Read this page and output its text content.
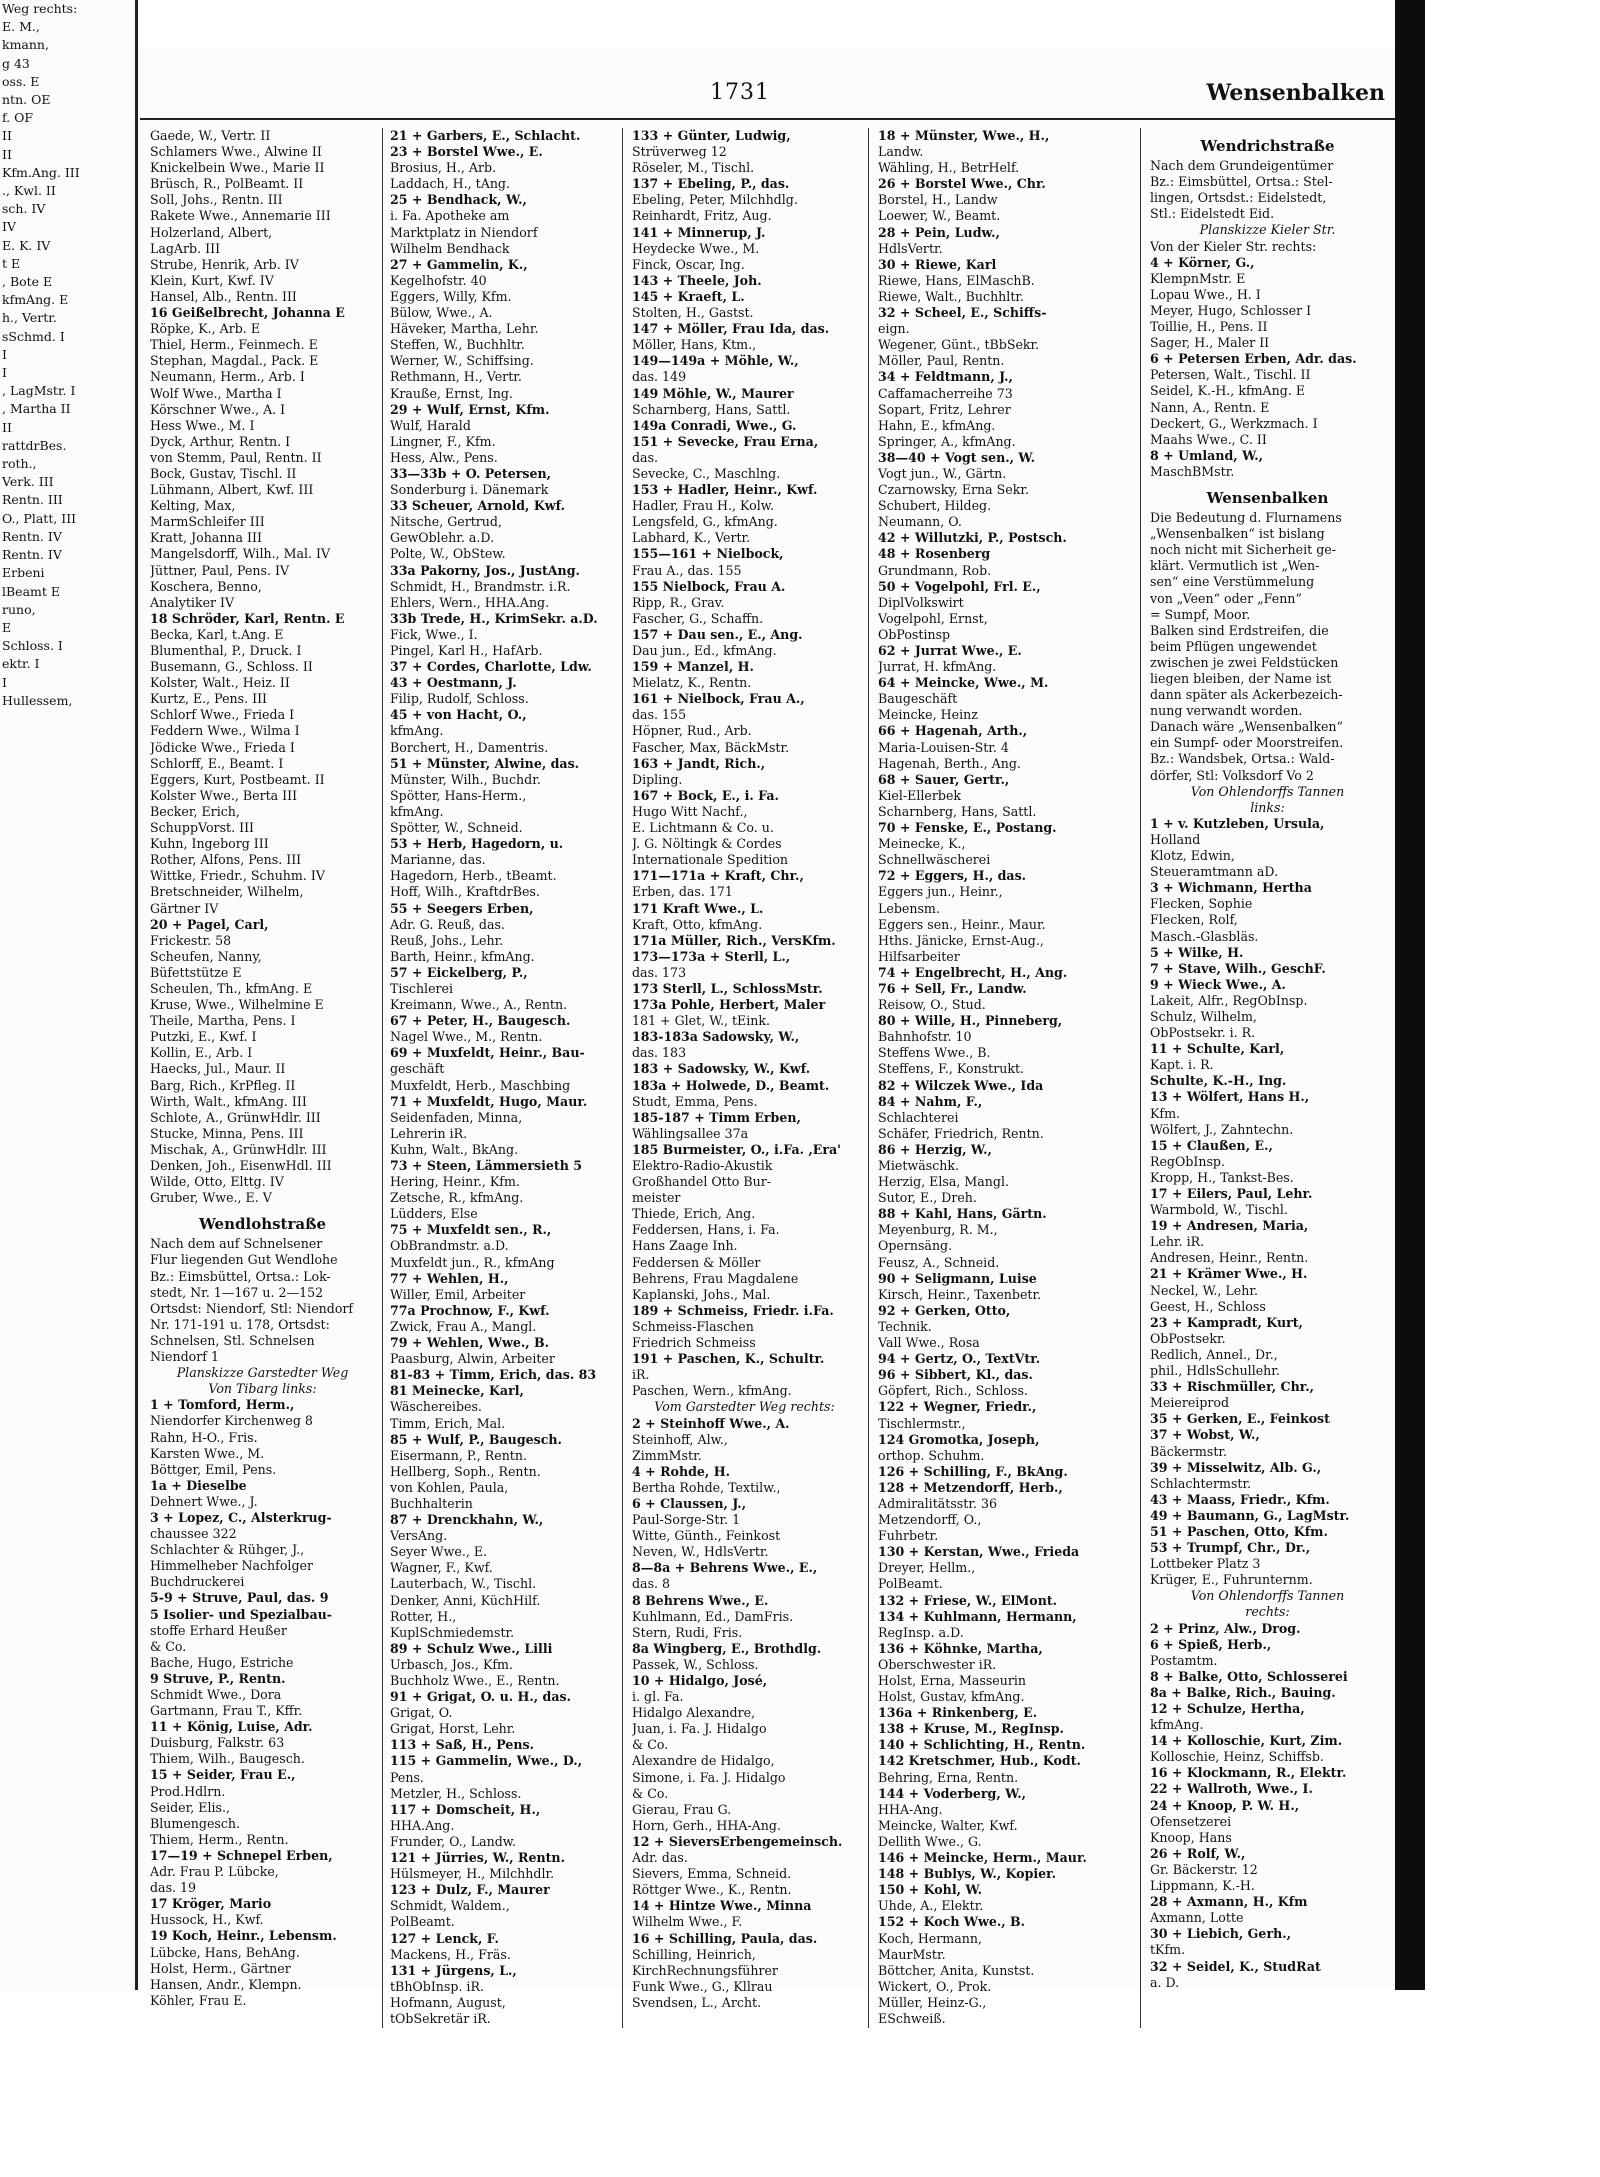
Weg rechts:
E. M.,
kmann,
g 43
oss. E
ntn. OE
f. OF
II
II
Kfm.Ang. III
., Kwl. II
sch. IV
IV
E. K. IV
t E
, Bote E
kfmAng. E
h., Vertr.
sSchmd. I
I
I
, LagMstr. I
, Martha II
II
rattdrBes.
roth.,
Verk. III
Rentn. III
O., Platt, III
Rentn. IV
Rentn. IV
Erbeni
lBeamt E
runo,
E
Schloss. I
ektr. I
I
Hullessem,
1731	Wensenbalken
Gaede, W., Vertr. II
Schlamers Wwe., Alwine II
Knickelbein Wwe., Marie II
Brüsch, R., PolBeamt. II
Soll, Johs., Rentn. III
Rakete Wwe., Annemarie III
Holzerland, Albert,
LagArb. III
Strube, Henrik, Arb. IV
Klein, Kurt, Kwf. IV
Hansel, Alb., Rentn. III
16 Geißelbrecht, Johanna E
Röpke, K., Arb. E
Thiel, Herm., Feinmech. E
Stephan, Magdal., Pack. E
Neumann, Herm., Arb. I
Wolf Wwe., Martha I
Körschner Wwe., A. I
Hess Wwe., M. I
Dyck, Arthur, Rentn. I
von Stemm, Paul, Rentn. II
Bock, Gustav, Tischl. II
Lühmann, Albert, Kwf. III
Kelting, Max,
MarmSchleifer III
Kratt, Johanna III
Mangelsdorff, Wilh., Mal. IV
Jüttner, Paul, Pens. IV
Koschera, Benno,
Analytiker IV
18 Schröder, Karl, Rentn. E
Becka, Karl, t.Ang. E
Blumenthal, P., Druck. I
Busemann, G., Schloss. II
Kolster, Walt., Heiz. II
Kurtz, E., Pens. III
Schlorf Wwe., Frieda I
Feddern Wwe., Wilma I
Jödicke Wwe., Frieda I
Schlorff, E., Beamt. I
Eggers, Kurt, Postbeamt. II
Kolster Wwe., Berta III
Becker, Erich,
SchuppVorst. III
Kuhn, Ingeborg III
Rother, Alfons, Pens. III
Wittke, Friedr., Schuhm. IV
Bretschneider, Wilhelm,
Gärtner IV
20 + Pagel, Carl,
Frickestr. 58
Scheufen, Nanny,
Büfettstütze E
Scheulen, Th., kfmAng. E
Kruse, Wwe., Wilhelmine E
Theile, Martha, Pens. I
Putzki, E., Kwf. I
Kollin, E., Arb. I
Haecks, Jul., Maur. II
Barg, Rich., KrPfleg. II
Wirth, Walt., kfmAng. III
Schlote, A., GrünwHdlr. III
Stucke, Minna, Pens. III
Mischak, A., GrünwHdlr. III
Denken, Joh., EisenwHdl. III
Wilde, Otto, Elttg. IV
Gruber, Wwe., E. V
Wendlohstraße
Nach dem auf Schnelsener
Flur liegenden Gut Wendlohe
Bz.: Eimsbüttel, Ortsa.: Lok-
stedt, Nr. 1—167 u. 2—152
Ortsdst: Niendorf, Stl: Niendorf
Nr. 171-191 u. 178, Ortsdst:
Schnelsen, Stl. Schnelsen
Niendorf 1
Planskizze Garstedter Weg
Von Tibarg links:
1 + Tomford, Herm.,
Niendorfer Kirchenweg 8
Rahn, H-O., Fris.
Karsten Wwe., M.
Böttger, Emil, Pens.
1a + Dieselbe
Dehnert Wwe., J.
3 + Lopez, C., Alsterkrug-
chaussee 322
Schlachter & Rühger, J.,
Himmelheber Nachfolger
Buchdruckerei
5-9 + Struve, Paul, das. 9
5 Isolier- und Spezialbau-
stoffe Erhard Heußer
& Co.
Bache, Hugo, Estriche
9 Struve, P., Rentn.
Schmidt Wwe., Dora
Gartmann, Frau T., Kffr.
11 + König, Luise, Adr.
Duisburg, Falkstr. 63
Thiem, Wilh., Baugesch.
15 + Seider, Frau E.,
Prod.Hdlrn.
Seider, Elis.,
Blumengesch.
Thiem, Herm., Rentn.
17—19 + Schnepel Erben,
Adr. Frau P. Lübcke,
das. 19
17 Kröger, Mario
Hussock, H., Kwf.
19 Koch, Heinr., Lebensm.
Lübcke, Hans, BehAng.
Holst, Herm., Gärtner
Hansen, Andr., Klempn.
Köhler, Frau E.
21 + Garbers, E., Schlacht.
23 + Borstel Wwe., E.
Brosius, H., Arb.
Laddach, H., tAng.
25 + Bendhack, W.,
i. Fa. Apotheke am
Marktplatz in Niendorf
Wilhelm Bendhack
27 + Gammelin, K.,
Kegelhofstr. 40
Eggers, Willy, Kfm.
Bülow, Wwe., A.
Häveker, Martha, Lehr.
Steffen, W., Buchhltr.
Werner, W., Schiffsing.
Rethmann, H., Vertr.
Krauße, Ernst, Ing.
29 + Wulf, Ernst, Kfm.
Wulf, Harald
Lingner, F., Kfm.
Hess, Alw., Pens.
33—33b + O. Petersen,
Sonderburg i. Dänemark
33 Scheuer, Arnold, Kwf.
Nitsche, Gertrud,
GewOblehr. a.D.
Polte, W., ObStew.
33a Pakorny, Jos., JustAng.
Schmidt, H., Brandmstr. i.R.
Ehlers, Wern., HHA.Ang.
33b Trede, H., KrimSekr. a.D.
Fick, Wwe., I.
Pingel, Karl H., HafArb.
37 + Cordes, Charlotte, Ldw.
43 + Oestmann, J.
Filip, Rudolf, Schloss.
45 + von Hacht, O.,
kfmAng.
Borchert, H., Damentris.
51 + Münster, Alwine, das.
Münster, Wilh., Buchdr.
Spötter, Hans-Herm.,
kfmAng.
Spötter, W., Schneid.
53 + Herb, Hagedorn, u.
Marianne, das.
Hagedorn, Herb., tBeamt.
Hoff, Wilh., KraftdrBes.
55 + Seegers Erben,
Adr. G. Reuß, das.
Reuß, Johs., Lehr.
Barth, Heinr., kfmAng.
57 + Eickelberg, P.,
Tischlerei
Kreimann, Wwe., A., Rentn.
67 + Peter, H., Baugesch.
Nagel Wwe., M., Rentn.
69 + Muxfeldt, Heinr., Bau-
geschäft
Muxfeldt, Herb., Maschbing
71 + Muxfeldt, Hugo, Maur.
Seidenfaden, Minna,
Lehrerin iR.
Kuhn, Walt., BkAng.
73 + Steen, Lämmersieth 5
Hering, Heinr., Kfm.
Zetsche, R., kfmAng.
Lüdders, Else
75 + Muxfeldt sen., R.,
ObBrandmstr. a.D.
Muxfeldt jun., R., kfmAng
77 + Wehlen, H.,
Willer, Emil, Arbeiter
77a Prochnow, F., Kwf.
Zwick, Frau A., Mangl.
79 + Wehlen, Wwe., B.
Paasburg, Alwin, Arbeiter
81-83 + Timm, Erich, das. 83
81 Meinecke, Karl,
Wäschereibes.
Timm, Erich, Mal.
85 + Wulf, P., Baugesch.
Eisermann, P., Rentn.
Hellberg, Soph., Rentn.
von Kohlen, Paula,
Buchhalterin
87 + Drenckhahn, W.,
VersAng.
Seyer Wwe., E.
Wagner, F., Kwf.
Lauterbach, W., Tischl.
Denker, Anni, KüchHilf.
Rotter, H.,
KuplSchmiedemstr.
89 + Schulz Wwe., Lilli
Urbasch, Jos., Kfm.
Buchholz Wwe., E., Rentn.
91 + Grigat, O. u. H., das.
Grigat, O.
Grigat, Horst, Lehr.
113 + Saß, H., Pens.
115 + Gammelin, Wwe., D.,
Pens.
Metzler, H., Schloss.
117 + Domscheit, H.,
HHA.Ang.
Frunder, O., Landw.
121 + Jürries, W., Rentn.
Hülsmeyer, H., Milchhdlr.
123 + Dulz, F., Maurer
Schmidt, Waldem.,
PolBeamt.
127 + Lenck, F.
Mackens, H., Fräs.
131 + Jürgens, L.,
tBhObInsp. iR.
Hofmann, August,
tObSekretär iR.
133 + Günter, Ludwig,
Strüverweg 12
Röseler, M., Tischl.
137 + Ebeling, P., das.
Ebeling, Peter, Milchhdlg.
Reinhardt, Fritz, Aug.
141 + Minnerup, J.
Heydecke Wwe., M.
Finck, Oscar, Ing.
143 + Theele, Joh.
145 + Kraeft, L.
Stolten, H., Gastst.
147 + Möller, Frau Ida, das.
Möller, Hans, Ktm.,
149—149a + Möhle, W.,
das. 149
149 Möhle, W., Maurer
Scharnberg, Hans, Sattl.
149a Conradi, Wwe., G.
151 + Sevecke, Frau Erna,
das.
Sevecke, C., Maschlng.
153 + Hadler, Heinr., Kwf.
Hadler, Frau H., Kolw.
Lengsfeld, G., kfmAng.
Labhard, K., Vertr.
155—161 + Nielbock,
Frau A., das. 155
155 Nielbock, Frau A.
Ripp, R., Grav.
Fascher, G., Schaffn.
157 + Dau sen., E., Ang.
Dau jun., Ed., kfmAng.
159 + Manzel, H.
Mielatz, K., Rentn.
161 + Nielbock, Frau A.,
das. 155
Höpner, Rud., Arb.
Fascher, Max, BäckMstr.
163 + Jandt, Rich.,
Dipling.
167 + Bock, E., i. Fa.
Hugo Witt Nachf.,
E. Lichtmann & Co. u.
J. G. Nöltingk & Cordes
Internationale Spedition
171—171a + Kraft, Chr.,
Erben, das. 171
171 Kraft Wwe., L.
Kraft, Otto, kfmAng.
171a Müller, Rich., VersKfm.
173—173a + Sterll, L.,
das. 173
173 Sterll, L., SchlossMstr.
173a Pohle, Herbert, Maler
181 + Glet, W., tEink.
183-183a Sadowsky, W.,
das. 183
183 + Sadowsky, W., Kwf.
183a + Holwede, D., Beamt.
Studt, Emma, Pens.
185-187 + Timm Erben,
Wählingsallee 37a
185 Burmeister, O., i.Fa. ,Era'
Elektro-Radio-Akustik
Großhandel Otto Bur-
meister
Thiede, Erich, Ang.
Feddersen, Hans, i. Fa.
Hans Zaage Inh.
Feddersen & Möller
Behrens, Frau Magdalene
Kaplanski, Johs., Mal.
189 + Schmeiss, Friedr. i.Fa.
Schmeiss-Flaschen
Friedrich Schmeiss
191 + Paschen, K., Schultr.
iR.
Paschen, Wern., kfmAng.
Vom Garstedter Weg rechts:
2 + Steinhoff Wwe., A.
Steinhoff, Alw.,
ZimmMstr.
4 + Rohde, H.
Bertha Rohde, Textilw.,
6 + Claussen, J.,
Paul-Sorge-Str. 1
Witte, Günth., Feinkost
Neven, W., HdlsVertr.
8—8a + Behrens Wwe., E.,
das. 8
8 Behrens Wwe., E.
Kuhlmann, Ed., DamFris.
Stern, Rudi, Fris.
8a Wingberg, E., Brothdlg.
Passek, W., Schloss.
10 + Hidalgo, José,
i. gl. Fa.
Hidalgo Alexandre,
Juan, i. Fa. J. Hidalgo
& Co.
Alexandre de Hidalgo,
Simone, i. Fa. J. Hidalgo
& Co.
Gierau, Frau G.
Horn, Gerh., HHA-Ang.
12 + SieversErbengemeinsch.
Adr. das.
Sievers, Emma, Schneid.
Röttger Wwe., K., Rentn.
14 + Hintze Wwe., Minna
Wilhelm Wwe., F.
16 + Schilling, Paula, das.
Schilling, Heinrich,
KirchRechnungsführer
Funk Wwe., G., Kllrau
Svendsen, L., Archt.
18 + Münster, Wwe., H.,
Landw.
Wähling, H., BetrHelf.
26 + Borstel Wwe., Chr.
Borstel, H., Landw
Loewer, W., Beamt.
28 + Pein, Ludw.,
HdlsVertr.
30 + Riewe, Karl
Riewe, Hans, ElMaschB.
Riewe, Walt., Buchhltr.
32 + Scheel, E., Schiffs-
eign.
Wegener, Günt., tBbSekr.
Möller, Paul, Rentn.
34 + Feldtmann, J.,
Caffamacherreihe 73
Sopart, Fritz, Lehrer
Hahn, E., kfmAng.
Springer, A., kfmAng.
38—40 + Vogt sen., W.
Vogt jun., W., Gärtn.
Czarnowsky, Erna Sekr.
Schubert, Hildeg.
Neumann, O.
42 + Willutzki, P., Postsch.
48 + Rosenberg
Grundmann, Rob.
50 + Vogelpohl, Frl. E.,
DiplVolkswirt
Vogelpohl, Ernst,
ObPostinsp
62 + Jurrat Wwe., E.
Jurrat, H. kfmAng.
64 + Meincke, Wwe., M.
Baugeschäft
Meincke, Heinz
66 + Hagenah, Arth.,
Maria-Louisen-Str. 4
Hagenah, Berth., Ang.
68 + Sauer, Gertr.,
Kiel-Ellerbek
Scharnberg, Hans, Sattl.
70 + Fenske, E., Postang.
Meinecke, K.,
Schnellwäscherei
72 + Eggers, H., das.
Eggers jun., Heinr.,
Lebensm.
Eggers sen., Heinr., Maur.
Hths. Jänicke, Ernst-Aug.,
Hilfsarbeiter
74 + Engelbrecht, H., Ang.
76 + Sell, Fr., Landw.
Reisow, O., Stud.
80 + Wille, H., Pinneberg,
Bahnhofstr. 10
Steffens Wwe., B.
Steffens, F., Konstrukt.
82 + Wilczek Wwe., Ida
84 + Nahm, F.,
Schlachterei
Schäfer, Friedrich, Rentn.
86 + Herzig, W.,
Mietwäschk.
Herzig, Elsa, Mangl.
Sutor, E., Dreh.
88 + Kahl, Hans, Gärtn.
Meyenburg, R. M.,
Opernsäng.
Feusz, A., Schneid.
90 + Seligmann, Luise
Kirsch, Heinr., Taxenbetr.
92 + Gerken, Otto,
Technik.
Vall Wwe., Rosa
94 + Gertz, O., TextVtr.
96 + Sibbert, Kl., das.
Göpfert, Rich., Schloss.
122 + Wegner, Friedr.,
Tischlermstr.,
124 Gromotka, Joseph,
orthop. Schuhm.
126 + Schilling, F., BkAng.
128 + Metzendorff, Herb.,
Admiralitätsstr. 36
Metzendorff, O.,
Fuhrbetr.
130 + Kerstan, Wwe., Frieda
Dreyer, Hellm.,
PolBeamt.
132 + Friese, W., ElMont.
134 + Kuhlmann, Hermann,
RegInsp. a.D.
136 + Köhnke, Martha,
Oberschwester iR.
Holst, Erna, Masseurin
Holst, Gustav, kfmAng.
136a + Rinkenberg, E.
138 + Kruse, M., RegInsp.
140 + Schlichting, H., Rentn.
142 Kretschmer, Hub., Kodt.
Behring, Erna, Rentn.
144 + Voderberg, W.,
HHA-Ang.
Meincke, Walter, Kwf.
Dellith Wwe., G.
146 + Meincke, Herm., Maur.
148 + Bublys, W., Kopier.
150 + Kohl, W.
Uhde, A., Elektr.
152 + Koch Wwe., B.
Koch, Hermann,
MaurMstr.
Böttcher, Anita, Kunstst.
Wickert, O., Prok.
Müller, Heinz-G.,
ESchweiß.
Wendrichstraße
Nach dem Grundeigentümer
Bz.: Eimsbüttel, Ortsa.: Stel-
lingen, Ortsdst.: Eidelstedt,
Stl.: Eidelstedt Eid.
Planskizze Kieler Str.
Von der Kieler Str. rechts:
4 + Körner, G.,
KlempnMstr. E
Lopau Wwe., H. I
Meyer, Hugo, Schlosser I
Toillie, H., Pens. II
Sager, H., Maler II
6 + Petersen Erben, Adr. das.
Petersen, Walt., Tischl. II
Seidel, K.-H., kfmAng. E
Nann, A., Rentn. E
Deckert, G., Werkzmach. I
Maahs Wwe., C. II
8 + Umland, W.,
MaschBMstr.
Wensenbalken
Die Bedeutung d. Flurnamens
„Wensenbalken“ ist bislang
noch nicht mit Sicherheit ge-
klärt. Vermutlich ist „Wen-
sen“ eine Verstümmelung
von „Veen“ oder „Fenn“
= Sumpf, Moor.
Balken sind Erdstreifen, die
beim Pflügen ungewendet
zwischen je zwei Feldstücken
liegen bleiben, der Name ist
dann später als Ackerbezeich-
nung verwandt worden.
Danach wäre „Wensenbalken“
ein Sumpf- oder Moorstreifen.
Bz.: Wandsbek, Ortsa.: Wald-
dörfer, Stl: Volksdorf Vo 2
Von Ohlendorffs Tannen
links:
1 + v. Kutzleben, Ursula,
Holland
Klotz, Edwin,
Steueramtmann aD.
3 + Wichmann, Hertha
Flecken, Sophie
Flecken, Rolf,
Masch.-Glasbläs.
5 + Wilke, H.
7 + Stave, Wilh., GeschF.
9 + Wieck Wwe., A.
Lakeit, Alfr., RegObInsp.
Schulz, Wilhelm,
ObPostsekr. i. R.
11 + Schulte, Karl,
Kapt. i. R.
Schulte, K.-H., Ing.
13 + Wölfert, Hans H.,
Kfm.
Wölfert, J., Zahntechn.
15 + Claußen, E.,
RegObInsp.
Kropp, H., Tankst-Bes.
17 + Eilers, Paul, Lehr.
Warmbold, W., Tischl.
19 + Andresen, Maria,
Lehr. iR.
Andresen, Heinr., Rentn.
21 + Krämer Wwe., H.
Neckel, W., Lehr.
Geest, H., Schloss
23 + Kampradt, Kurt,
ObPostsekr.
Redlich, Annel., Dr.,
phil., HdlsSchullehr.
33 + Rischmüller, Chr.,
Meiereiprod
35 + Gerken, E., Feinkost
37 + Wobst, W.,
Bäckermstr.
39 + Misselwitz, Alb. G.,
Schlachtermstr.
43 + Maass, Friedr., Kfm.
49 + Baumann, G., LagMstr.
51 + Paschen, Otto, Kfm.
53 + Trumpf, Chr., Dr.,
Lottbeker Platz 3
Krüger, E., Fuhrunternm.
Von Ohlendorffs Tannen
rechts:
2 + Prinz, Alw., Drog.
6 + Spieß, Herb.,
Postamtm.
8 + Balke, Otto, Schlosserei
8a + Balke, Rich., Bauing.
12 + Schulze, Hertha,
kfmAng.
14 + Kolloschie, Kurt, Zim.
Kolloschie, Heinz, Schiffsb.
16 + Klockmann, R., Elektr.
22 + Wallroth, Wwe., I.
24 + Knoop, P. W. H.,
Ofensetzerei
Knoop, Hans
26 + Rolf, W.,
Gr. Bäckerstr. 12
Lippmann, K.-H.
28 + Axmann, H., Kfm
Axmann, Lotte
30 + Liebich, Gerh.,
tKfm.
32 + Seidel, K., StudRat
a. D.
